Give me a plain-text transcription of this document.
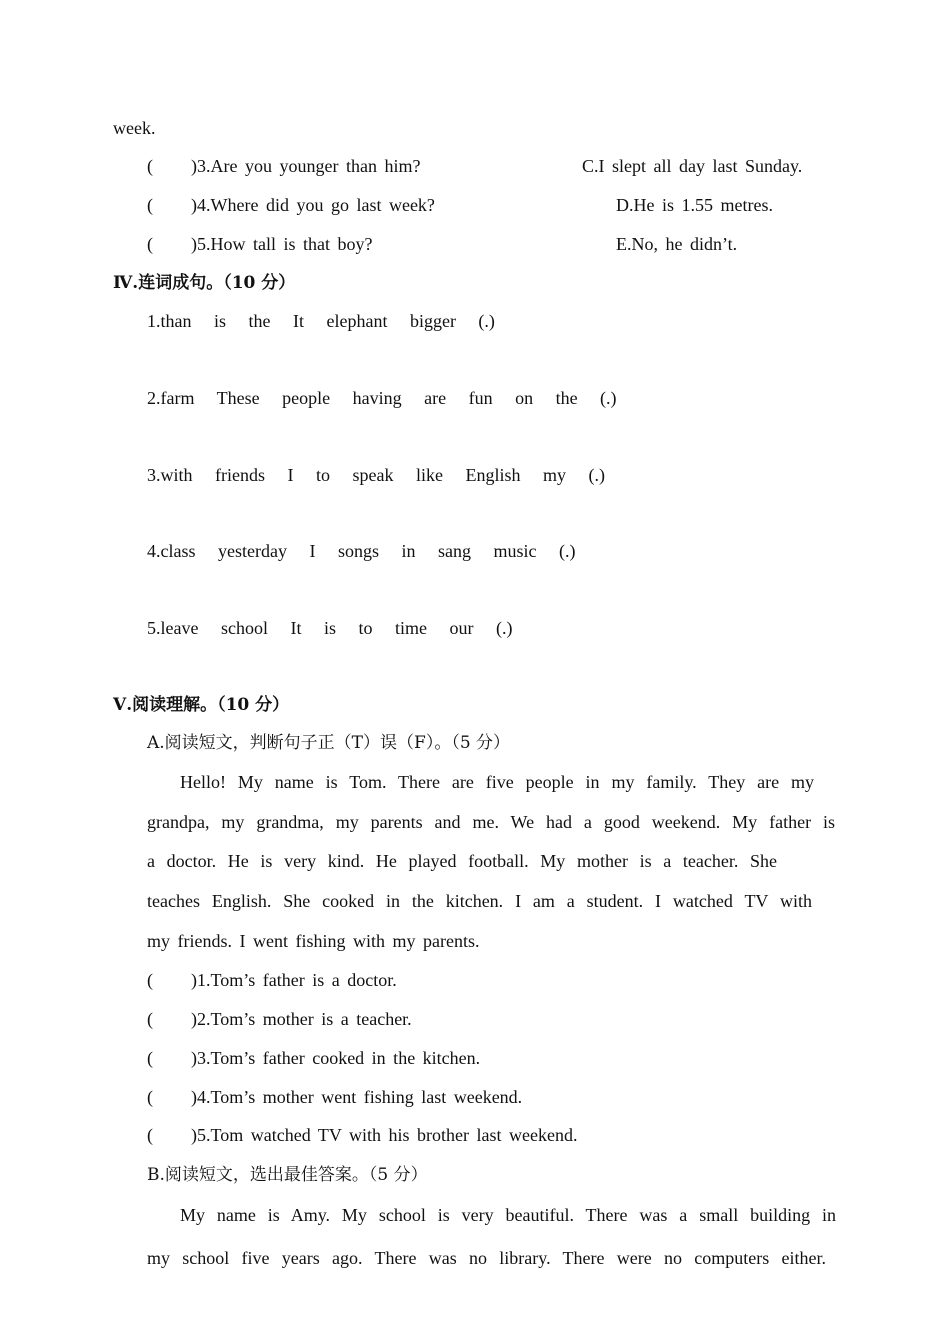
week.
( )3.Are you younger than him?	C.I slept all day last Sunday.
( )4.Where did you go last week?	D.He is 1.55 metres.
( )5.How tall is that boy?	E.No, he didn’t.
Ⅳ.连词成句。（10 分）
1.than is the It elephant bigger (.)
2.farm These people having are fun on the (.)
3.with friends I to speak like English my (.)
4.class yesterday I songs in sang music (.)
5.leave school It is to time our (.)
Ⅴ.阅读理解。（10 分）
A.阅读短文，判断句子正（T）误（F）。（5 分）
Hello! My name is Tom. There are five people in my family. They are my
grandpa, my grandma, my parents and me. We had a good weekend. My father is
a doctor. He is very kind. He played football. My mother is a teacher. She
teaches English. She cooked in the kitchen. I am a student. I watched TV with
my friends. I went fishing with my parents.
( )1.Tom’s father is a doctor.
( )2.Tom’s mother is a teacher.
( )3.Tom’s father cooked in the kitchen.
( )4.Tom’s mother went fishing last weekend.
( )5.Tom watched TV with his brother last weekend.
B.阅读短文，选出最佳答案。（5 分）
My name is Amy. My school is very beautiful. There was a small building in
my school five years ago. There was no library. There were no computers either.
